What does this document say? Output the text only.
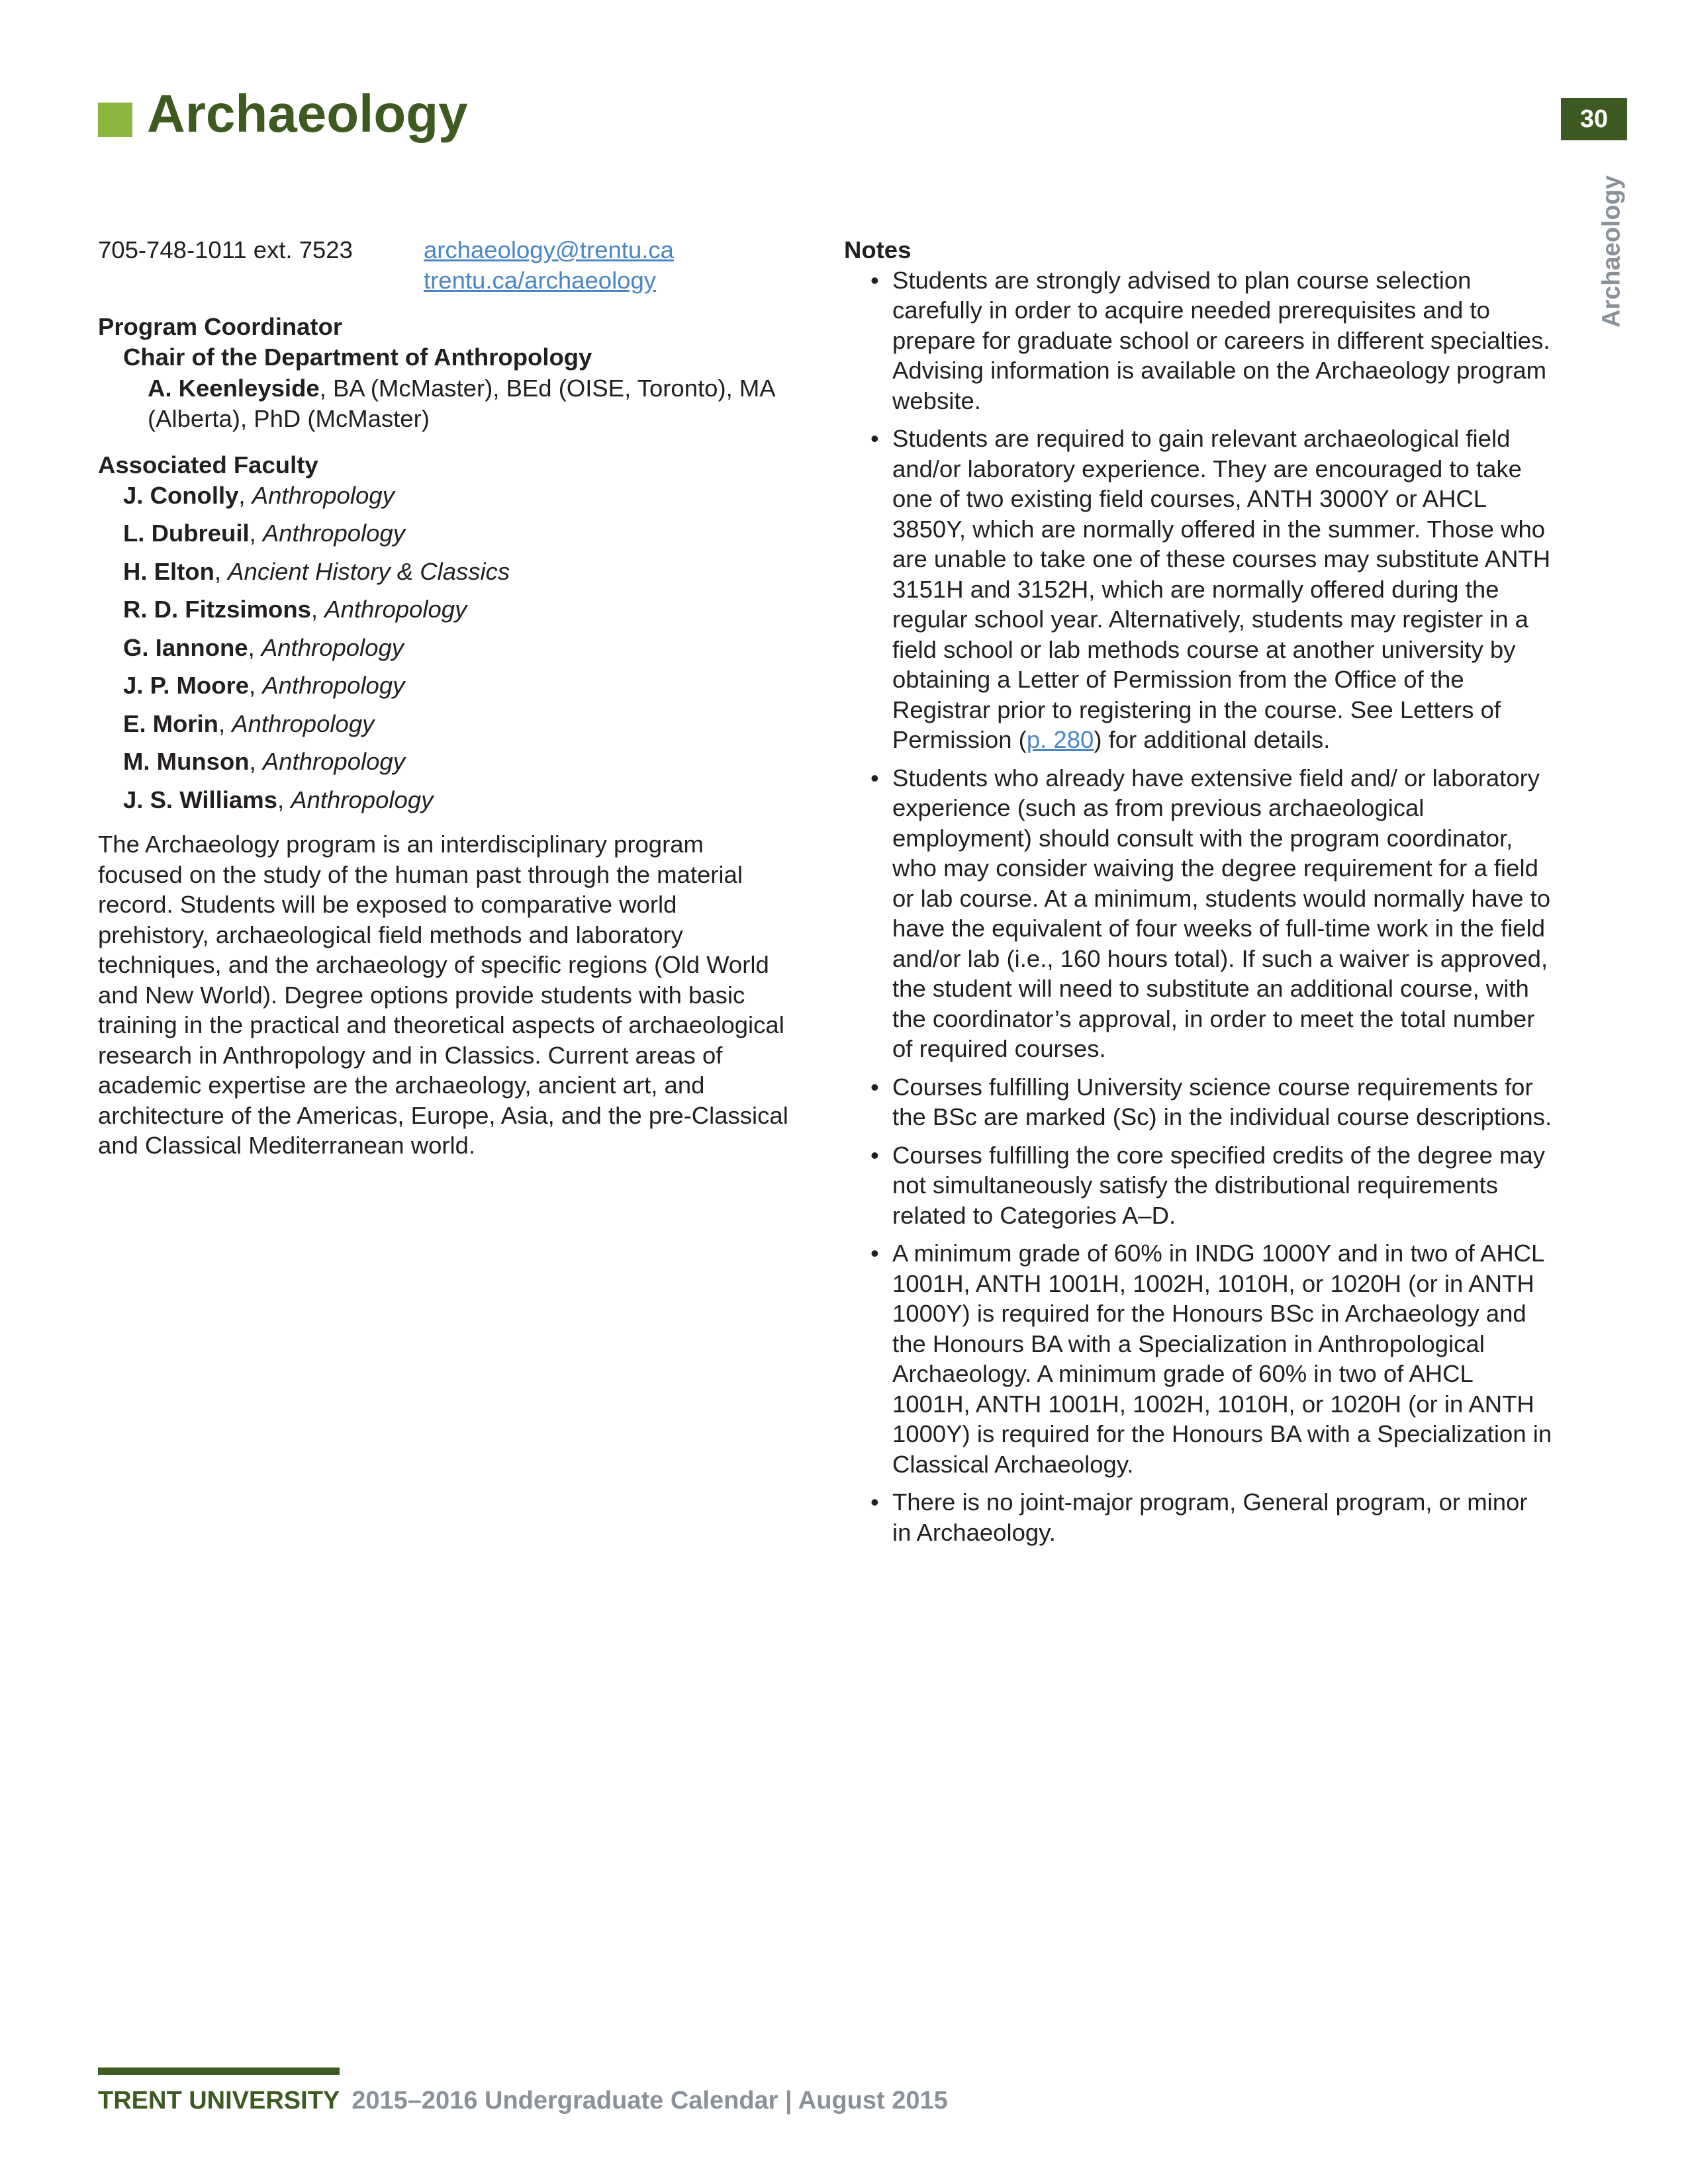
Archaeology	30
Archaeology
705-748-1011 ext. 7523	archaeology@trentu.ca
trentu.ca/archaeology
Program Coordinator
Chair of the Department of Anthropology
A. Keenleyside, BA (McMaster), BEd (OISE, Toronto), MA (Alberta), PhD (McMaster)
Associated Faculty
J. Conolly, Anthropology
L. Dubreuil, Anthropology
H. Elton, Ancient History & Classics
R. D. Fitzsimons, Anthropology
G. Iannone, Anthropology
J. P. Moore, Anthropology
E. Morin, Anthropology
M. Munson, Anthropology
J. S. Williams, Anthropology

The Archaeology program is an interdisciplinary program focused on the study of the human past through the material record. Students will be exposed to comparative world prehistory, archaeological field methods and laboratory techniques, and the archaeology of specific regions (Old World and New World). Degree options provide students with basic training in the practical and theoretical aspects of archaeological research in Anthropology and in Classics. Current areas of academic expertise are the archaeology, ancient art, and architecture of the Americas, Europe, Asia, and the pre-Classical and Classical Mediterranean world.

Notes
• Students are strongly advised to plan course selection carefully in order to acquire needed prerequisites and to prepare for graduate school or careers in different specialties. Advising information is available on the Archaeology program website.
• Students are required to gain relevant archaeological field and/or laboratory experience. They are encouraged to take one of two existing field courses, ANTH 3000Y or AHCL 3850Y, which are normally offered in the summer. Those who are unable to take one of these courses may substitute ANTH 3151H and 3152H, which are normally offered during the regular school year. Alternatively, students may register in a field school or lab methods course at another university by obtaining a Letter of Permission from the Office of the Registrar prior to registering in the course. See Letters of Permission (p. 280) for additional details.
• Students who already have extensive field and/ or laboratory experience (such as from previous archaeological employment) should consult with the program coordinator, who may consider waiving the degree requirement for a field or lab course. At a minimum, students would normally have to have the equivalent of four weeks of full-time work in the field and/or lab (i.e., 160 hours total). If such a waiver is approved, the student will need to substitute an additional course, with the coordinator’s approval, in order to meet the total number of required courses.
• Courses fulfilling University science course requirements for the BSc are marked (Sc) in the individual course descriptions.
• Courses fulfilling the core specified credits of the degree may not simultaneously satisfy the distributional requirements related to Categories A–D.
• A minimum grade of 60% in INDG 1000Y and in two of AHCL 1001H, ANTH 1001H, 1002H, 1010H, or 1020H (or in ANTH 1000Y) is required for the Honours BSc in Archaeology and the Honours BA with a Specialization in Anthropological Archaeology. A minimum grade of 60% in two of AHCL 1001H, ANTH 1001H, 1002H, 1010H, or 1020H (or in ANTH 1000Y) is required for the Honours BA with a Specialization in Classical Archaeology.
• There is no joint-major program, General program, or minor in Archaeology.
TRENT UNIVERSITY 2015–2016 Undergraduate Calendar | August 2015
